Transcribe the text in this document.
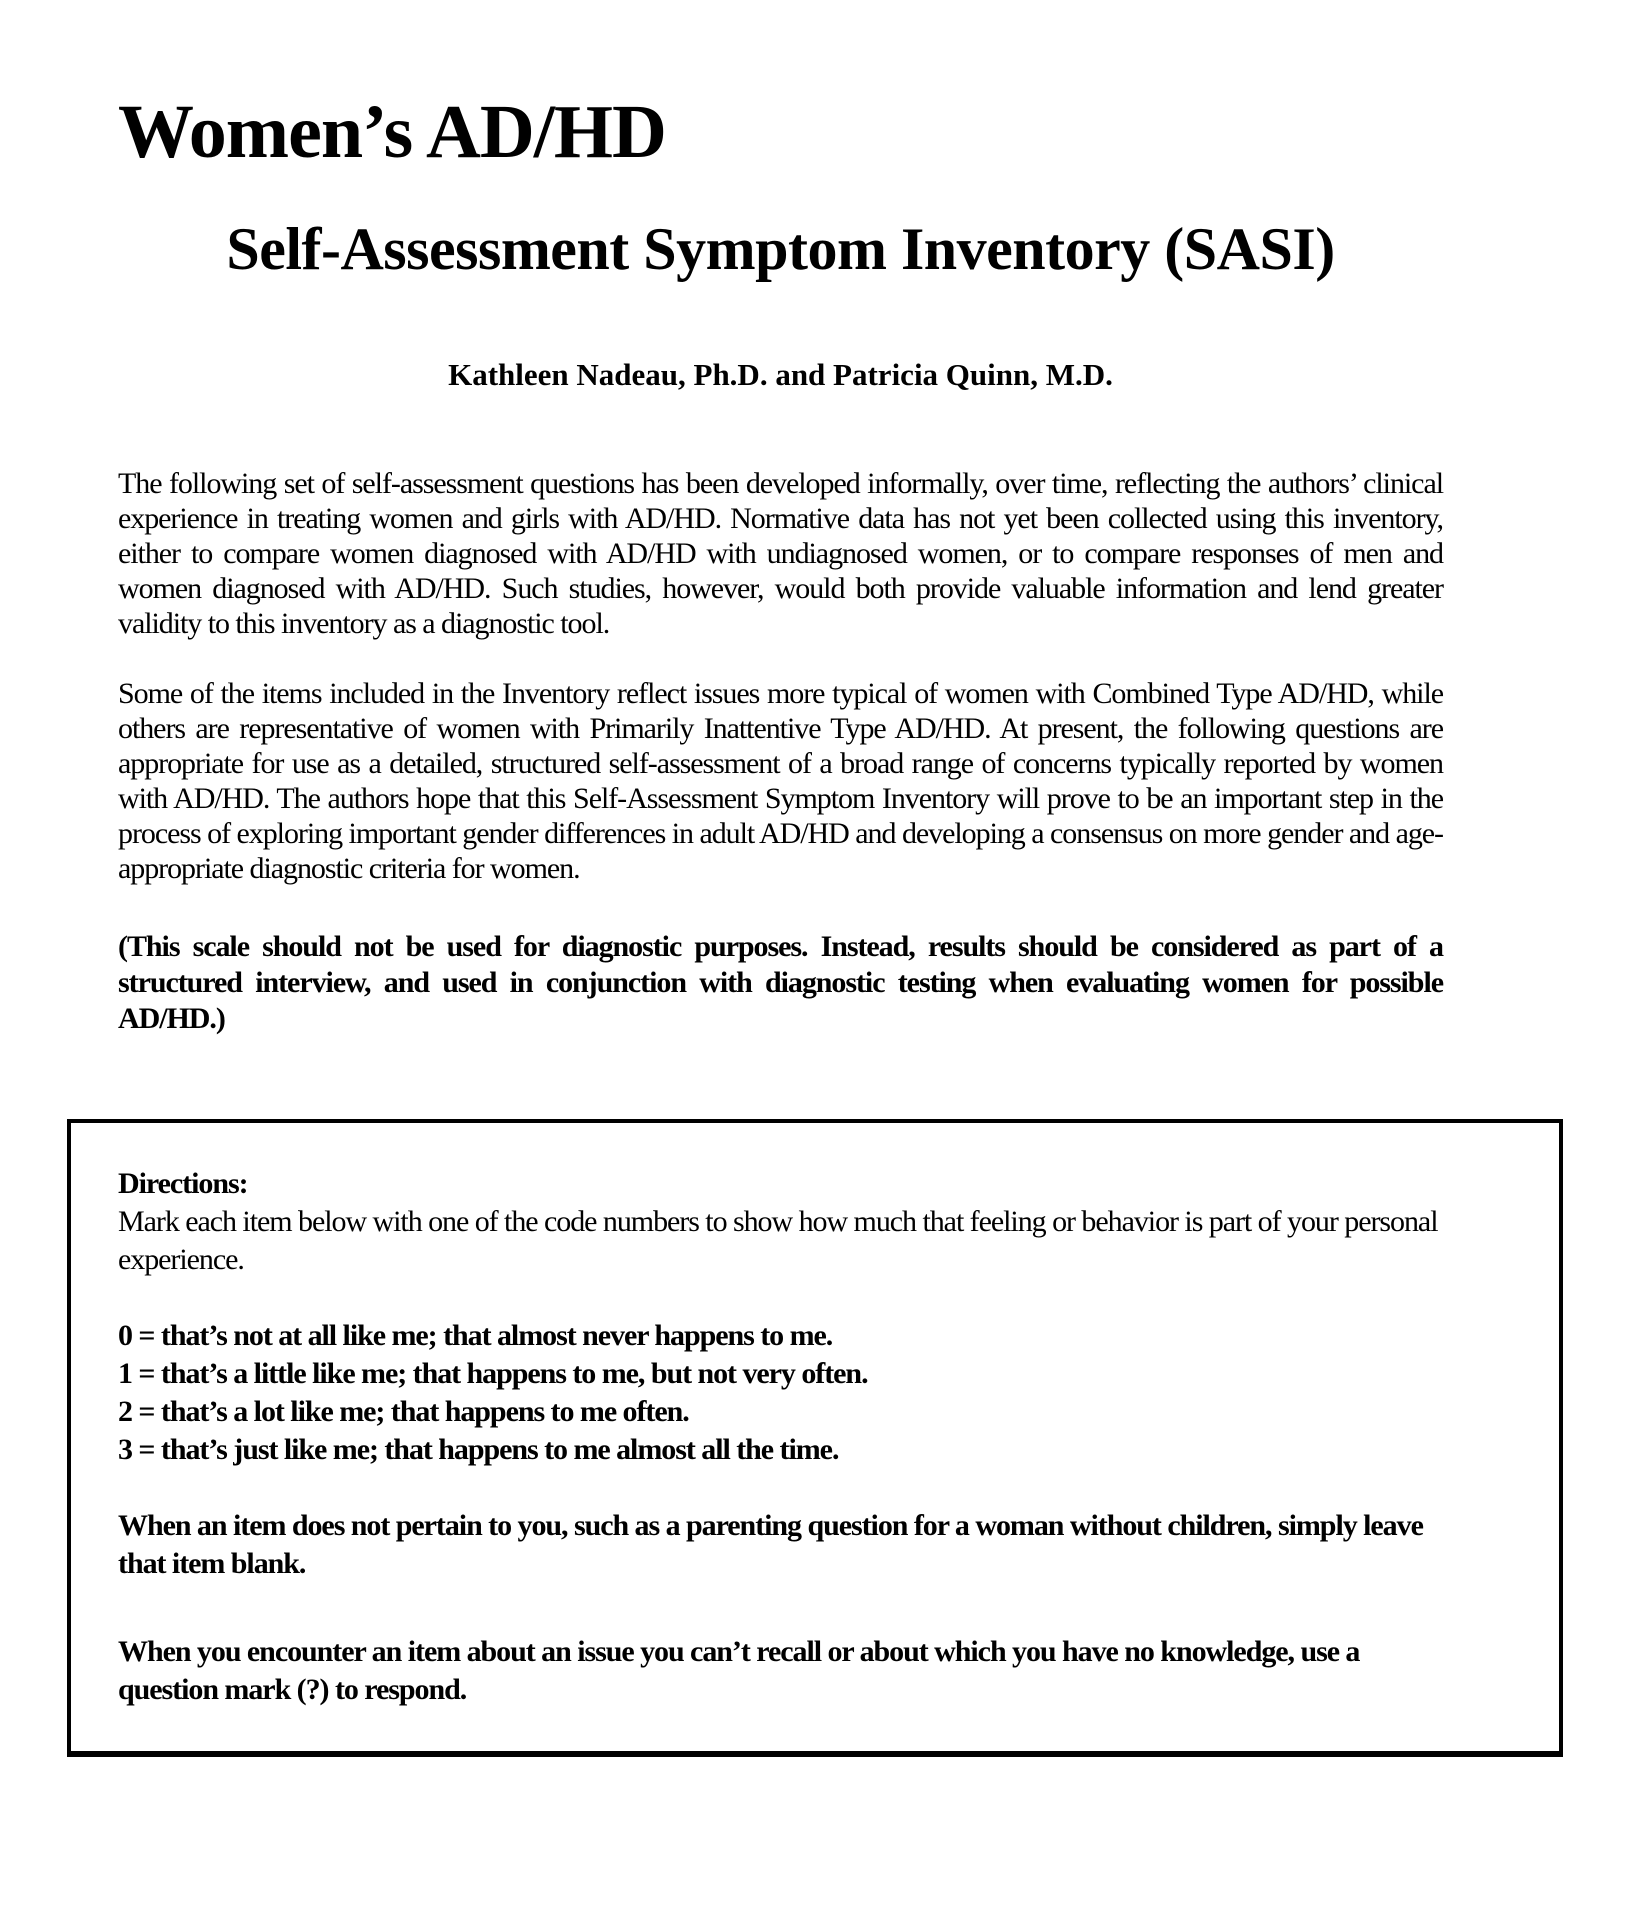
Women’s AD/HD
Self-Assessment Symptom Inventory (SASI)

Kathleen Nadeau, Ph.D. and Patricia Quinn, M.D.

The following set of self-assessment questions has been developed informally, over time, reflecting the authors’ clinical experience in treating women and girls with AD/HD. Normative data has not yet been collected using this inventory, either to compare women diagnosed with AD/HD with undiagnosed women, or to compare responses of men and women diagnosed with AD/HD. Such studies, however, would both provide valuable information and lend greater validity to this inventory as a diagnostic tool.

Some of the items included in the Inventory reflect issues more typical of women with Combined Type AD/HD, while others are representative of women with Primarily Inattentive Type AD/HD. At present, the following questions are appropriate for use as a detailed, structured self-assessment of a broad range of concerns typically reported by women with AD/HD. The authors hope that this Self-Assessment Symptom Inventory will prove to be an important step in the process of exploring important gender differences in adult AD/HD and developing a consensus on more gender and age-appropriate diagnostic criteria for women.

(This scale should not be used for diagnostic purposes. Instead, results should be considered as part of a structured interview, and used in conjunction with diagnostic testing when evaluating women for possible AD/HD.)

Directions:

Mark each item below with one of the code numbers to show how much that feeling or behavior is part of your personal experience.

0 = that’s not at all like me; that almost never happens to me.

1 = that’s a little like me; that happens to me, but not very often.

2 = that’s a lot like me; that happens to me often.

3 = that’s just like me; that happens to me almost all the time.

When an item does not pertain to you, such as a parenting question for a woman without children, simply leave that item blank.

When you encounter an item about an issue you can’t recall or about which you have no knowledge, use a question mark (?) to respond.
